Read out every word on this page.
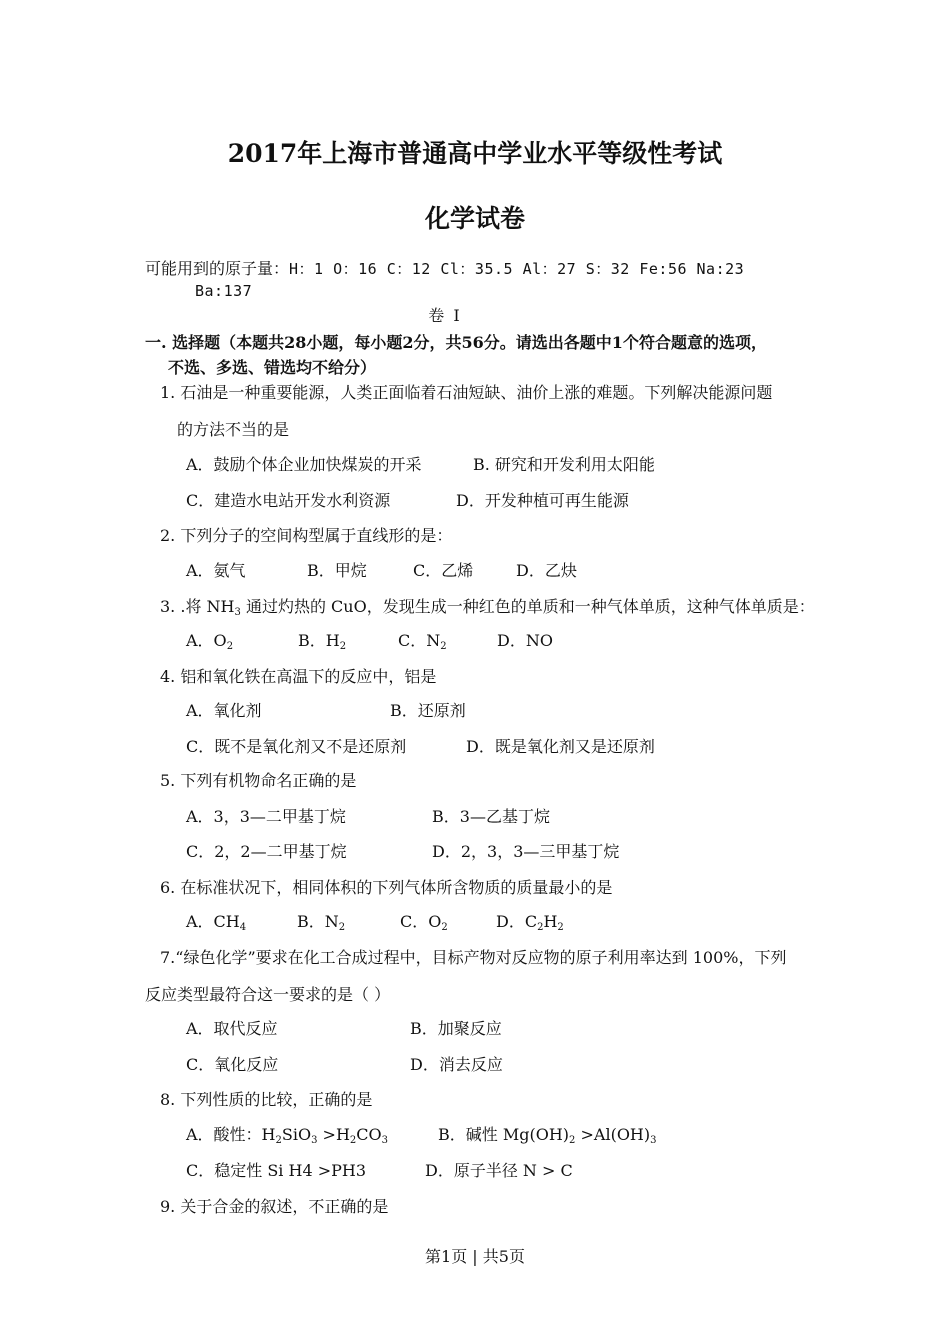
2017年上海市普通高中学业水平等级性考试
化学试卷
可能用到的原子量：H：1 O：16 C：12 Cl：35.5 Al：27 S：32 Fe:56 Na:23
Ba:137
卷 I
一. 选择题（本题共28小题，每小题2分，共56分。请选出各题中1个符合题意的选项，
不选、多选、错选均不给分）
1. 石油是一种重要能源，人类正面临着石油短缺、油价上涨的难题。下列解决能源问题
的方法不当的是
A．鼓励个体企业加快煤炭的开采	B. 研究和开发利用太阳能
C．建造水电站开发水利资源	D．开发种植可再生能源
2. 下列分子的空间构型属于直线形的是：
A．氨气	B．甲烷	C．乙烯	D．乙炔
3. .将 $NH_3$ 通过灼热的 CuO，发现生成一种红色的单质和一种气体单质，这种气体单质是：
A．$O_2$	B．$H_2$	C．$N_2$	D．NO
4. 铝和氧化铁在高温下的反应中，铝是
A．氧化剂	B．还原剂
C．既不是氧化剂又不是还原剂	D．既是氧化剂又是还原剂
5. 下列有机物命名正确的是
A．3，3—二甲基丁烷	B．3—乙基丁烷
C．2，2—二甲基丁烷	D．2，3，3—三甲基丁烷
6. 在标准状况下，相同体积的下列气体所含物质的质量最小的是
A．$CH_4$	B．$N_2$	C．$O_2$	D．$C_2H_2$
7.“绿色化学”要求在化工合成过程中，目标产物对反应物的原子利用率达到 100%，下列
反应类型最符合这一要求的是（ ）
A．取代反应	B．加聚反应
C．氧化反应	D．消去反应
8. 下列性质的比较，正确的是
A．酸性：$H_2SiO_3 >H_2CO_3$	B．碱性 $Mg(OH)_2 >Al(OH)_3$
C．稳定性 Si H4 >PH3	D．原子半径 N > C
9. 关于合金的叙述，不正确的是
第1页 | 共5页
